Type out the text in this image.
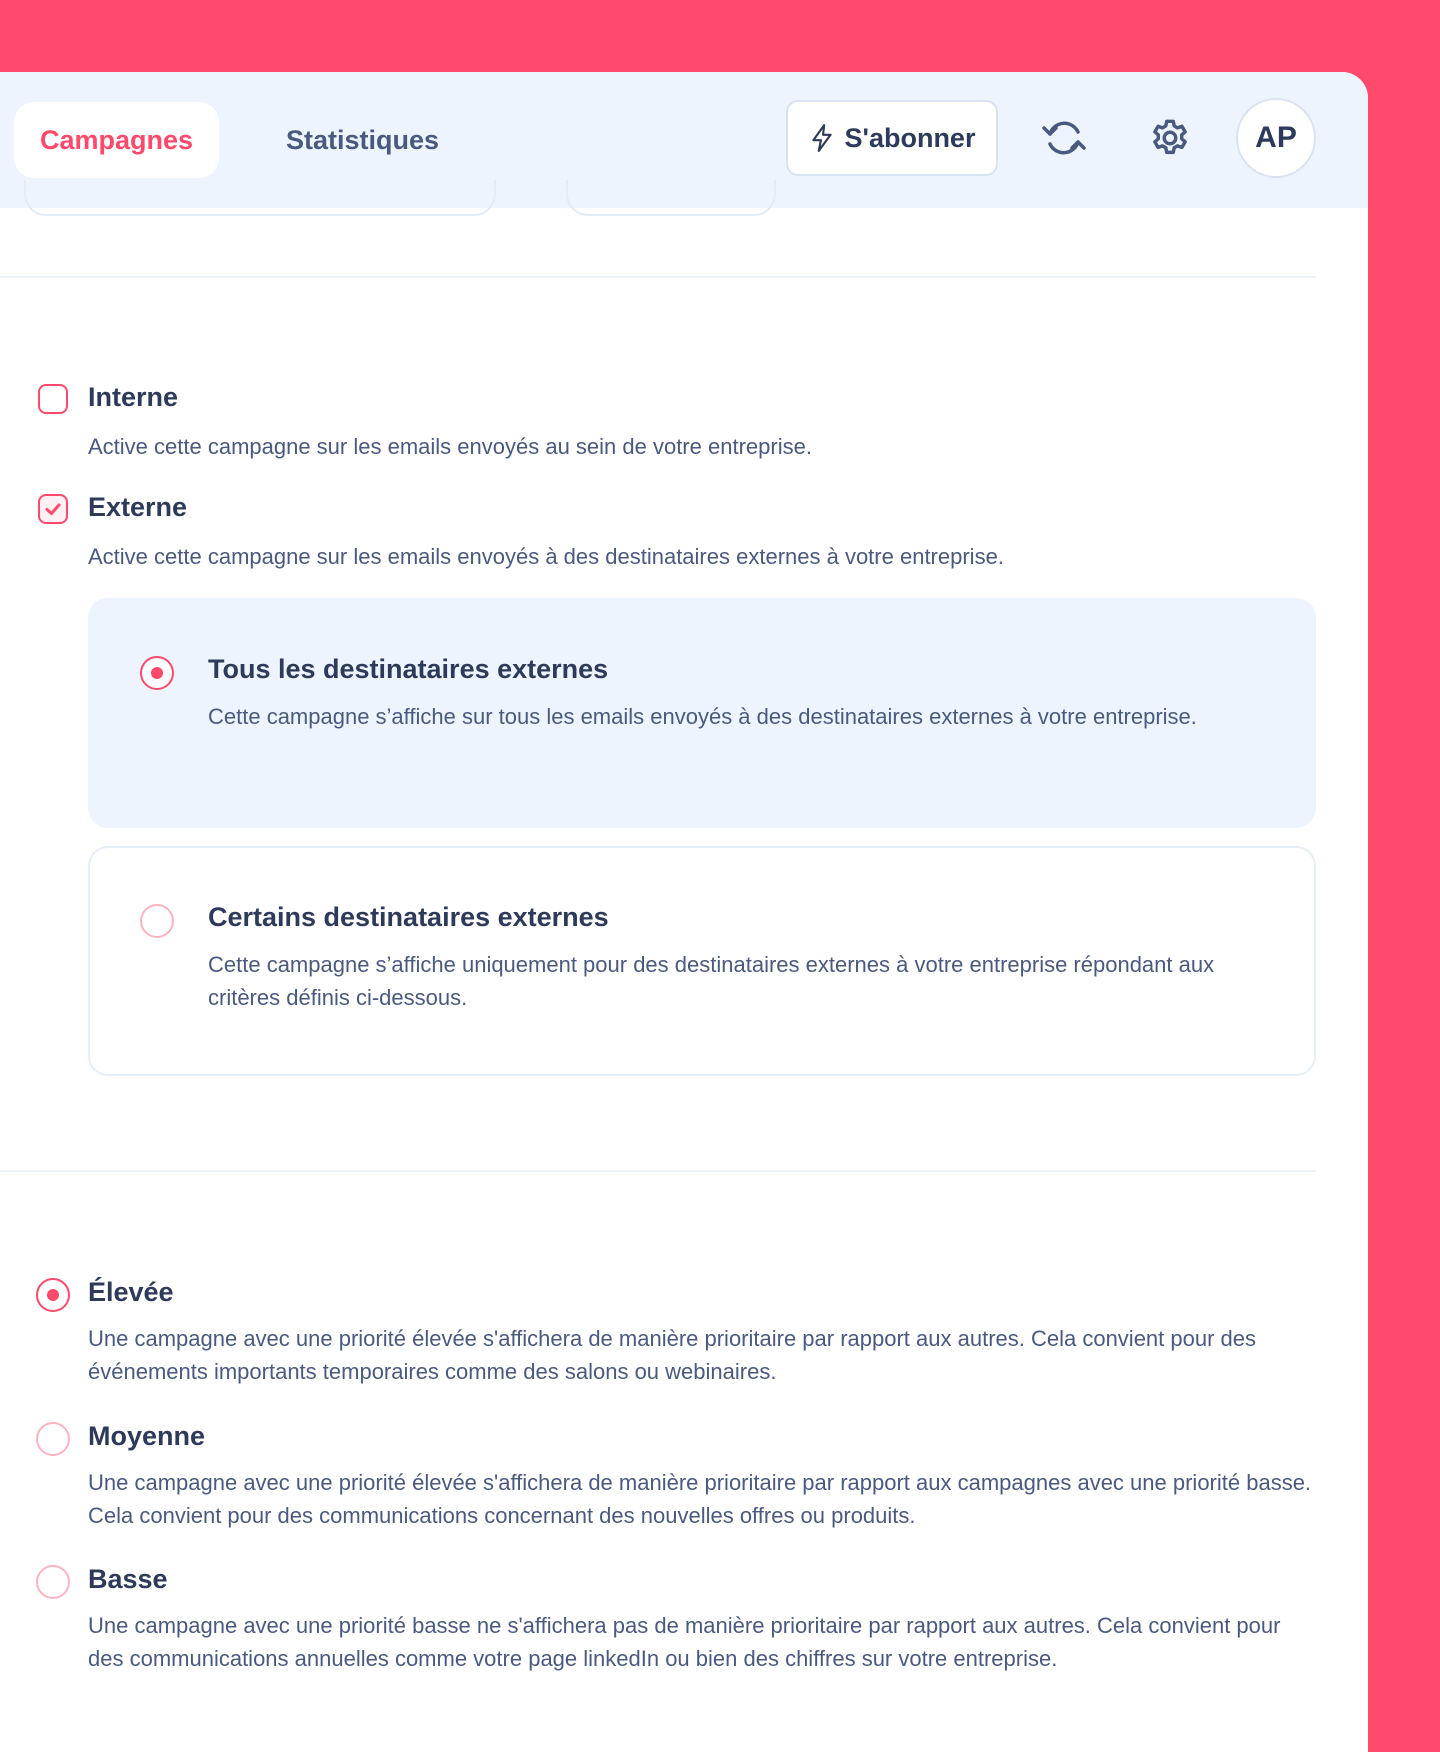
Campagnes	Statistiques	S'abonner	AP
Interne
Active cette campagne sur les emails envoyés au sein de votre entreprise.
Externe
Active cette campagne sur les emails envoyés à des destinataires externes à votre entreprise.
Tous les destinataires externes
Cette campagne s’affiche sur tous les emails envoyés à des destinataires externes à votre entreprise.
Certains destinataires externes
Cette campagne s’affiche uniquement pour des destinataires externes à votre entreprise répondant aux critères définis ci-dessous.
Élevée
Une campagne avec une priorité élevée s'affichera de manière prioritaire par rapport aux autres. Cela convient pour des événements importants temporaires comme des salons ou webinaires.
Moyenne
Une campagne avec une priorité élevée s'affichera de manière prioritaire par rapport aux campagnes avec une priorité basse. Cela convient pour des communications concernant des nouvelles offres ou produits.
Basse
Une campagne avec une priorité basse ne s'affichera pas de manière prioritaire par rapport aux autres. Cela convient pour des communications annuelles comme votre page linkedIn ou bien des chiffres sur votre entreprise.
